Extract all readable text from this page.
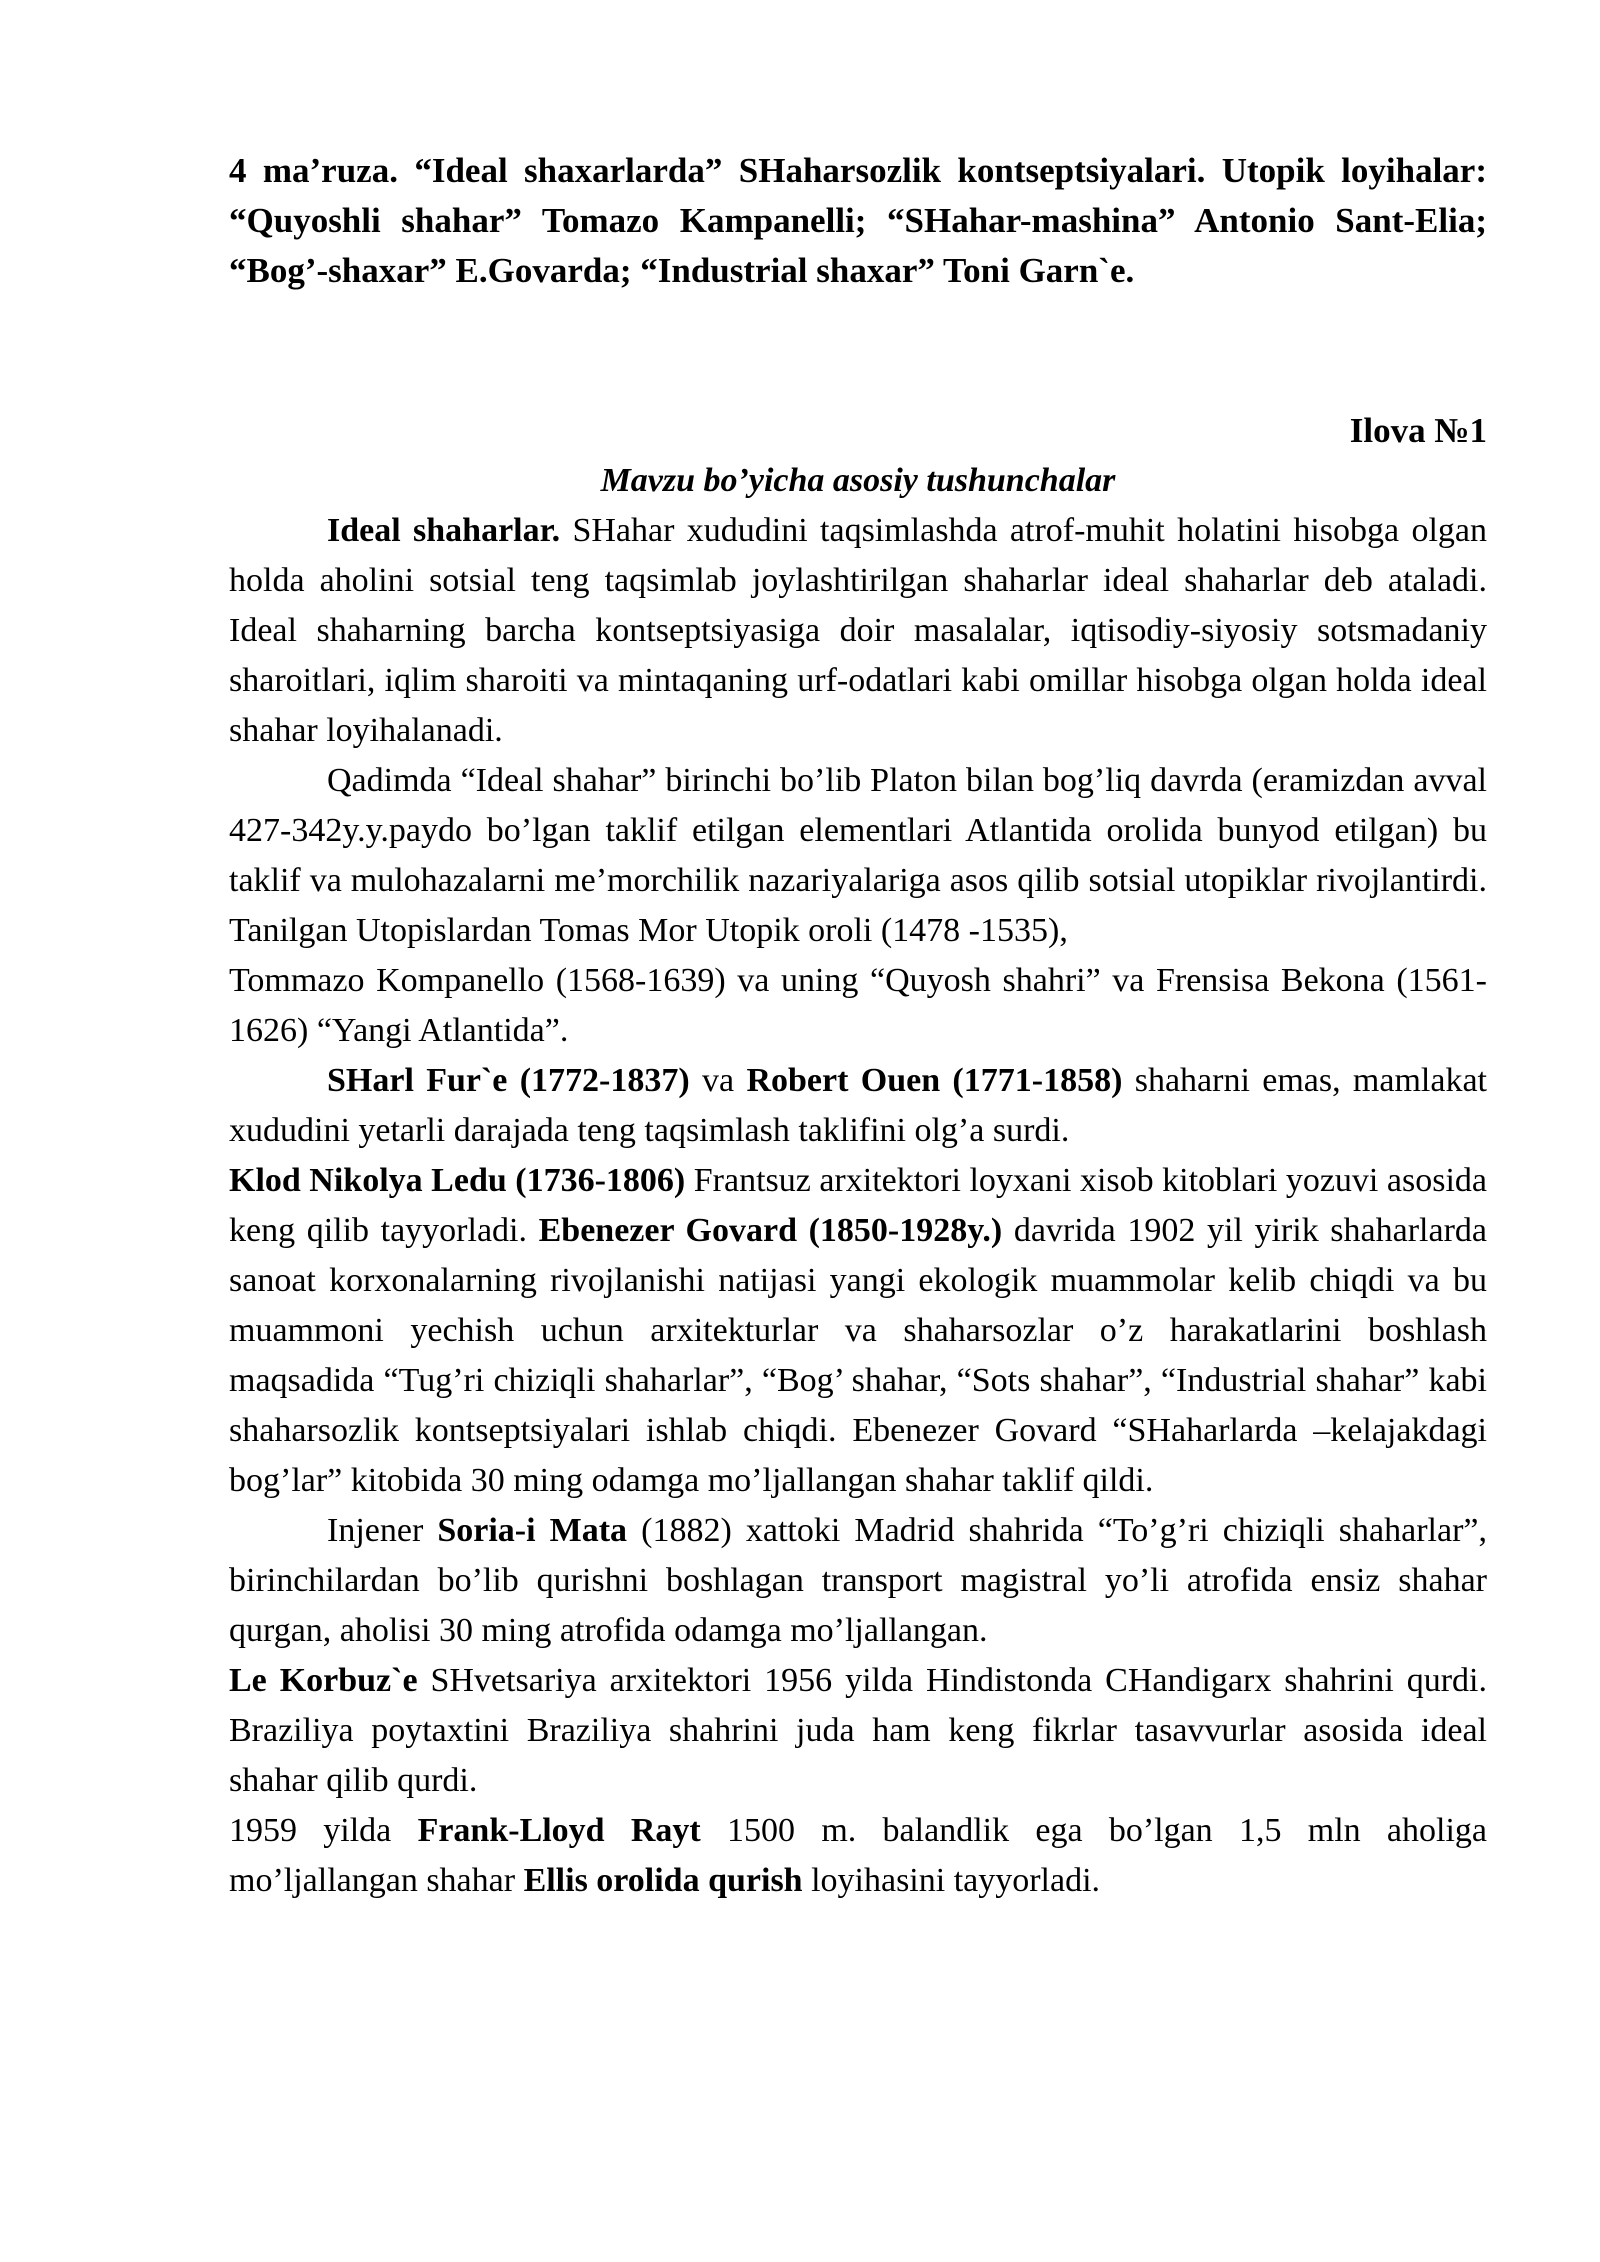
4 ma’ruza. “Ideal shaxarlarda” SHaharsozlik kontseptsiyalari. Utopik loyihalar: “Quyoshli shahar” Tomazo Kampanelli; “SHahar-mashina” Antonio Sant-Elia; “Bog’-shaxar” E.Govarda; “Industrial shaxar” Toni Garn`e.

Ilova №1

Mavzu bo’yicha asosiy tushunchalar

Ideal shaharlar. SHahar xududini taqsimlashda atrof-muhit holatini hisobga olgan holda aholini sotsial teng taqsimlab joylashtirilgan shaharlar ideal shaharlar deb ataladi. Ideal shaharning barcha kontseptsiyasiga doir masalalar, iqtisodiy-siyosiy sotsmadaniy sharoitlari, iqlim sharoiti va mintaqaning urf-odatlari kabi omillar hisobga olgan holda ideal shahar loyihalanadi.

Qadimda “Ideal shahar” birinchi bo’lib Platon bilan bog’liq davrda (eramizdan avval 427-342y.y.paydo bo’lgan taklif etilgan elementlari Atlantida orolida bunyod etilgan) bu taklif va mulohazalarni me’morchilik nazariyalariga asos qilib sotsial utopiklar rivojlantirdi. Tanilgan Utopislardan Tomas Mor Utopik oroli (1478 -1535),

Tommazo Kompanello (1568-1639) va uning “Quyosh shahri” va Frensisa Bekona (1561-1626) “Yangi Atlantida”.

SHarl Fur`e (1772-1837) va Robert Ouen (1771-1858) shaharni emas, mamlakat xududini yetarli darajada teng taqsimlash taklifini olg’a surdi.

Klod Nikolya Ledu (1736-1806) Frantsuz arxitektori loyxani xisob kitoblari yozuvi asosida keng qilib tayyorladi. Ebenezer Govard (1850-1928y.) davrida 1902 yil yirik shaharlarda sanoat korxonalarning rivojlanishi natijasi yangi ekologik muammolar kelib chiqdi va bu muammoni yechish uchun arxitekturlar va shaharsozlar o’z harakatlarini boshlash maqsadida “Tug’ri chiziqli shaharlar”, “Bog’ shahar, “Sots shahar”, “Industrial shahar” kabi shaharsozlik kontseptsiyalari ishlab chiqdi. Ebenezer Govard “SHaharlarda –kelajakdagi bog’lar” kitobida 30 ming odamga mo’ljallangan shahar taklif qildi.

Injener Soria-i Mata (1882) xattoki Madrid shahrida “To’g’ri chiziqli shaharlar”, birinchilardan bo’lib qurishni boshlagan transport magistral yo’li atrofida ensiz shahar qurgan, aholisi 30 ming atrofida odamga mo’ljallangan.

Le Korbuz`e SHvetsariya arxitektori 1956 yilda Hindistonda CHandigarx shahrini qurdi. Braziliya poytaxtini Braziliya shahrini juda ham keng fikrlar tasavvurlar asosida ideal shahar qilib qurdi.

1959 yilda Frank-Lloyd Rayt 1500 m. balandlik ega bo’lgan 1,5 mln aholiga mo’ljallangan shahar Ellis orolida qurish loyihasini tayyorladi.
